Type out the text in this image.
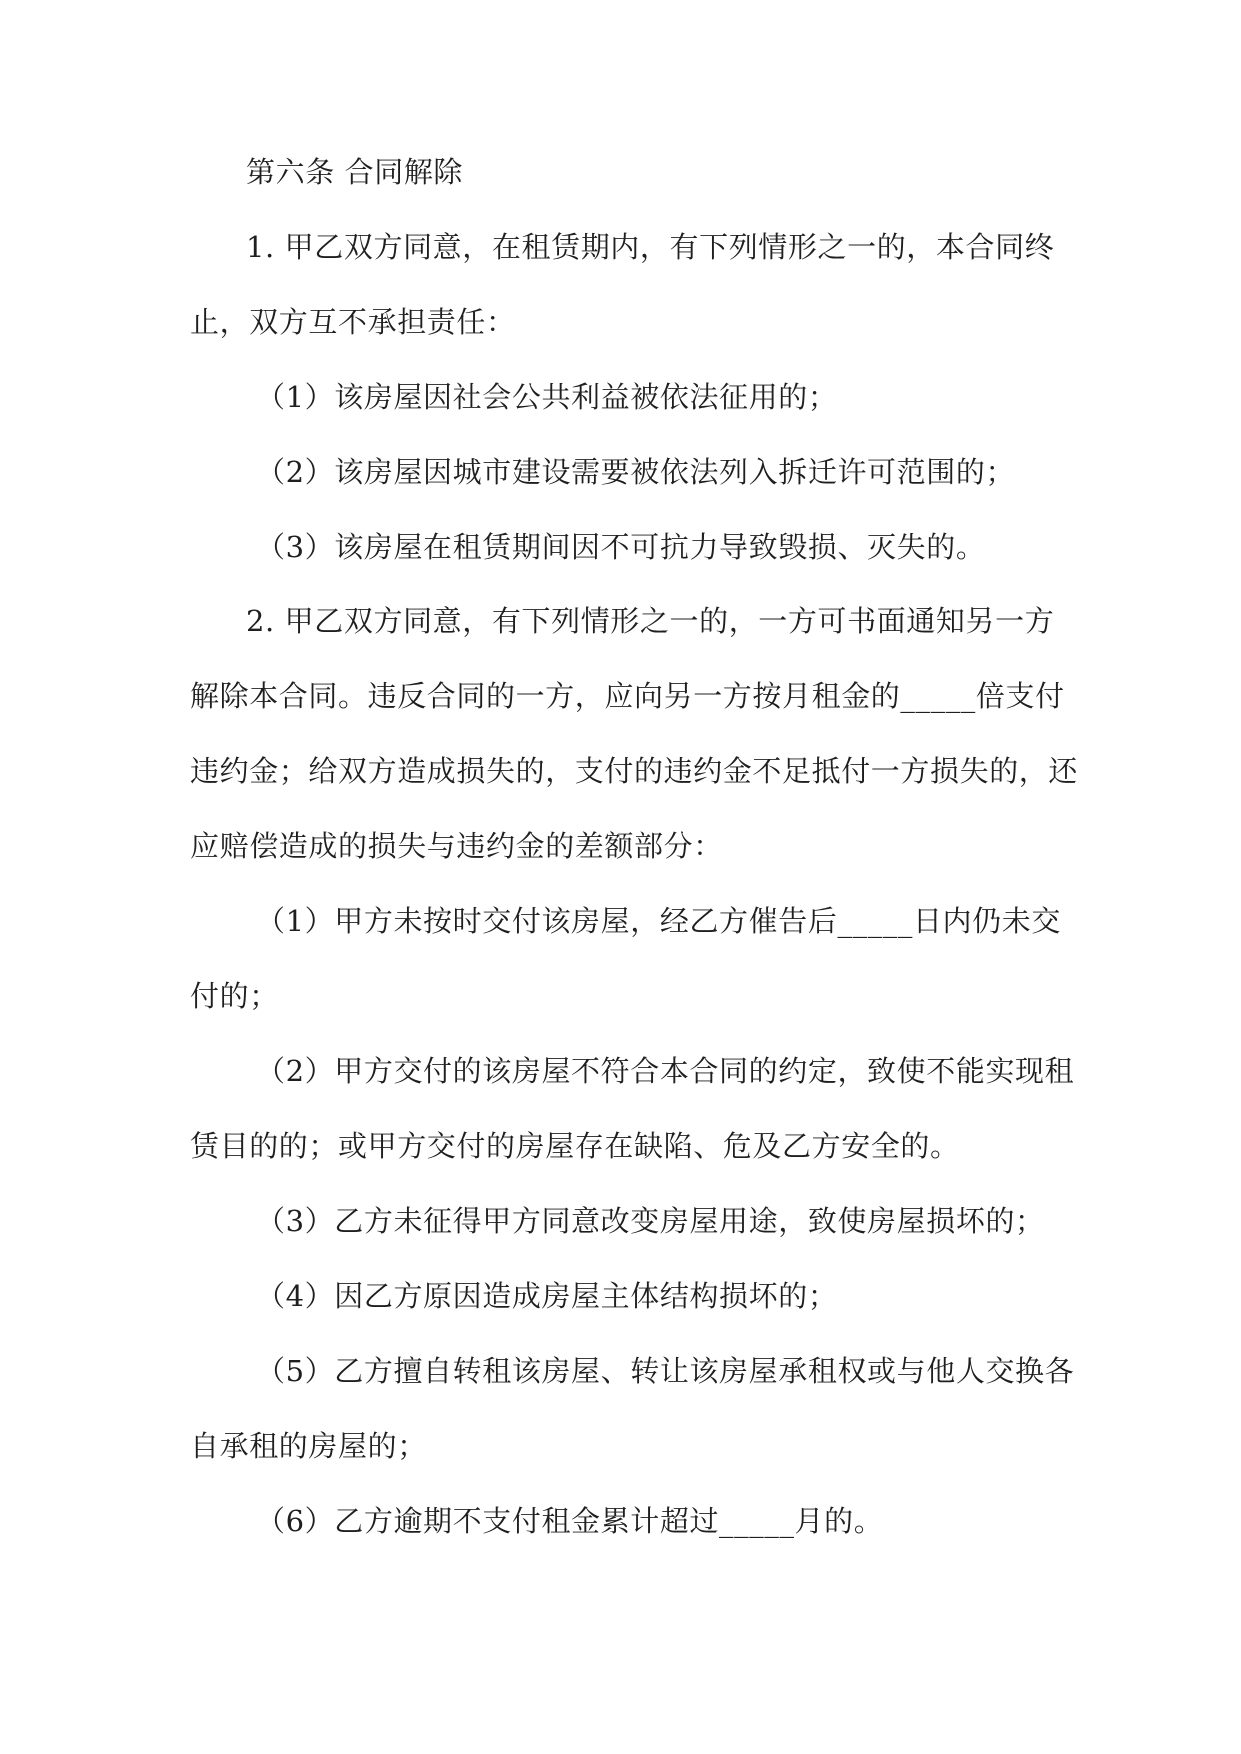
第六条 合同解除
1. 甲乙双方同意，在租赁期内，有下列情形之一的，本合同终
止，双方互不承担责任：
（1）该房屋因社会公共利益被依法征用的；
（2）该房屋因城市建设需要被依法列入拆迁许可范围的；
（3）该房屋在租赁期间因不可抗力导致毁损、灭失的。
2. 甲乙双方同意，有下列情形之一的，一方可书面通知另一方
解除本合同。违反合同的一方，应向另一方按月租金的_____倍支付
违约金；给双方造成损失的，支付的违约金不足抵付一方损失的，还
应赔偿造成的损失与违约金的差额部分：
（1）甲方未按时交付该房屋，经乙方催告后_____日内仍未交
付的；
（2）甲方交付的该房屋不符合本合同的约定，致使不能实现租
赁目的的；或甲方交付的房屋存在缺陷、危及乙方安全的。
（3）乙方未征得甲方同意改变房屋用途，致使房屋损坏的；
（4）因乙方原因造成房屋主体结构损坏的；
（5）乙方擅自转租该房屋、转让该房屋承租权或与他人交换各
自承租的房屋的；
（6）乙方逾期不支付租金累计超过_____月的。
